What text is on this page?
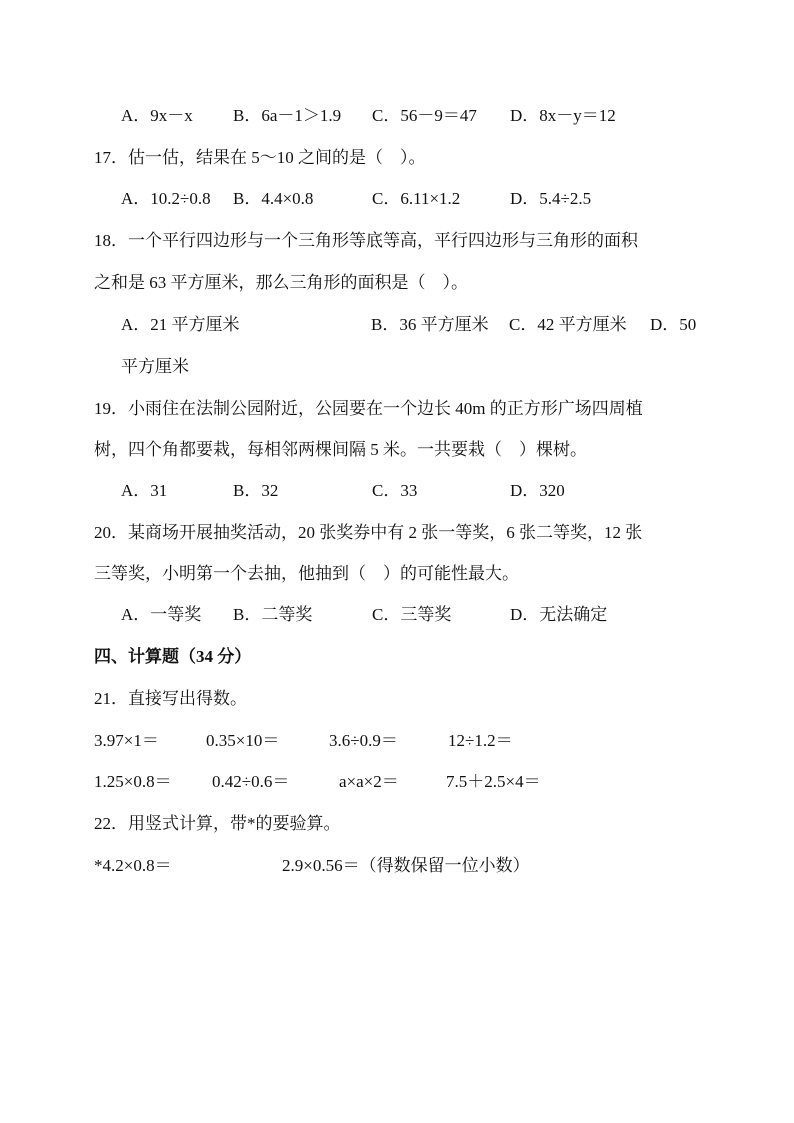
A．9x－x B．6a－1＞1.9 C．56－9＝47 D．8x－y＝12
17．估一估，结果在 5～10 之间的是（　）。
A．10.2÷0.8 B．4.4×0.8	C．6.11×1.2	D．5.4÷2.5
18．一个平行四边形与一个三角形等底等高，平行四边形与三角形的面积
之和是 63 平方厘米，那么三角形的面积是（　）。
A．21 平方厘米	B．36 平方厘米 C．42 平方厘米 D．50
平方厘米
19．小雨住在法制公园附近，公园要在一个边长 40m 的正方形广场四周植
树，四个角都要栽，每相邻两棵间隔 5 米。一共要栽（　）棵树。
A．31	B．32	C．33	D．320
20．某商场开展抽奖活动，20 张奖券中有 2 张一等奖，6 张二等奖，12 张
三等奖，小明第一个去抽，他抽到（　）的可能性最大。
A．一等奖 B．二等奖	C．三等奖	D．无法确定
四、计算题（34 分）
21．直接写出得数。
3.97×1＝	0.35×10＝	3.6÷0.9＝	12÷1.2＝
1.25×0.8＝ 0.42÷0.6＝	a×a×2＝	7.5＋2.5×4＝
22．用竖式计算，带*的要验算。
*4.2×0.8＝	2.9×0.56＝（得数保留一位小数）
